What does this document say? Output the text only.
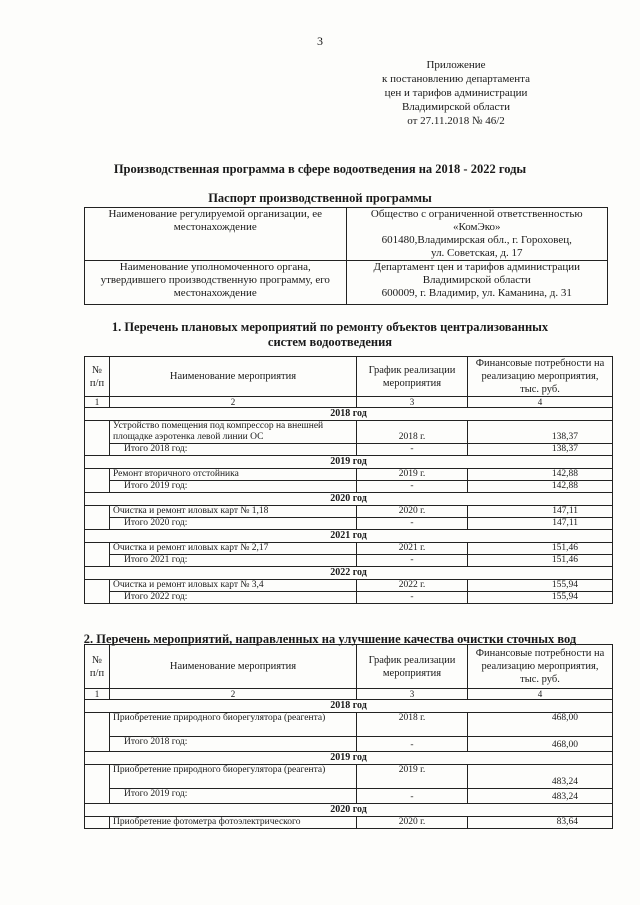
3
Приложение
к постановлению департамента
цен и тарифов администрации
Владимирской области
от 27.11.2018 № 46/2
Производственная программа в сфере водоотведения на 2018 - 2022 годы
Паспорт производственной программы
Наименование регулируемой организации, ее местонахождение	Общество с ограниченной ответственностью
«КомЭко»
601480,Владимирская обл., г. Гороховец,
ул. Советская, д. 17

Наименование уполномоченного органа, утвердившего производственную программу, его местонахождение	Департамент цен и тарифов администрации
Владимирской области
600009, г. Владимир, ул. Каманина, д. 31
1. Перечень плановых мероприятий по ремонту объектов централизованных
систем водоотведения
№ п/п	Наименование мероприятия	График реализации мероприятия	Финансовые потребности на реализацию мероприятия, тыс. руб.
1	2	3	4
2018 год			
	Устройство помещения под компрессор на внешней площадке аэротенка левой линии ОС	2018 г.	138,37
	Итого 2018 год:	-	138,37
2019 год			
	Ремонт вторичного отстойника	2019 г.	142,88
	Итого 2019 год:	-	142,88
2020 год			
	Очистка и ремонт иловых карт № 1,18	2020 г.	147,11
	Итого 2020 год:	-	147,11
2021 год			
	Очистка и ремонт иловых карт № 2,17	2021 г.	151,46
	Итого 2021 год:	-	151,46
2022 год			
	Очистка и ремонт иловых карт № 3,4	2022 г.	155,94
	Итого 2022 год:	-	155,94
2. Перечень мероприятий, направленных на улучшение качества очистки сточных вод
№ п/п	Наименование мероприятия	График реализации мероприятия	Финансовые потребности на реализацию мероприятия, тыс. руб.
1	2	3	4
2018 год			
	Приобретение природного биорегулятора (реагента)	2018 г.	468,00
	Итого 2018 год:	-	468,00
2019 год			
	Приобретение природного биорегулятора (реагента)	2019 г.	483,24
	Итого 2019 год:	-	483,24
2020 год			
	Приобретение фотометра фотоэлектрического	2020 г.	83,64
